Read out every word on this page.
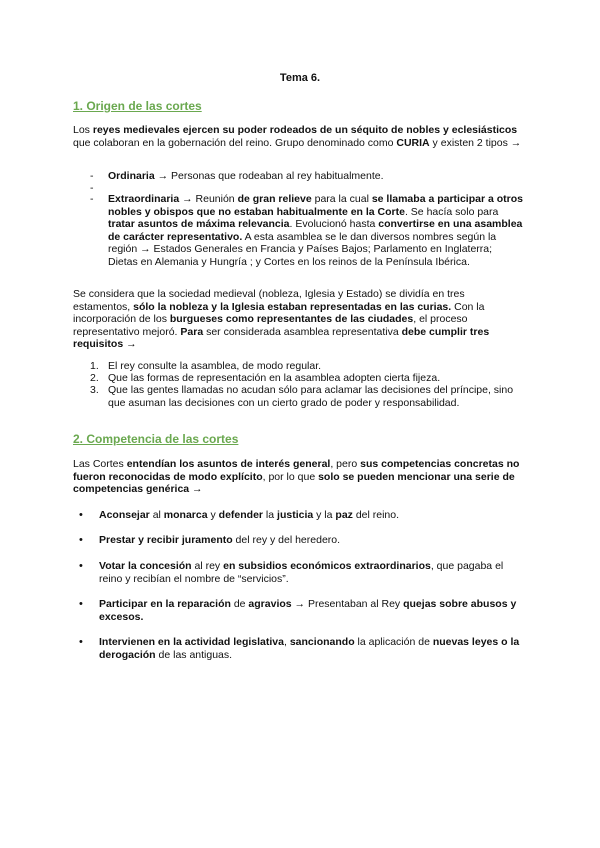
Tema 6.
1. Origen de las cortes
Los reyes medievales ejercen su poder rodeados de un séquito de nobles y eclesiásticos que colaboran en la gobernación del reino. Grupo denominado como CURIA y existen 2 tipos →
- Ordinaria → Personas que rodeaban al rey habitualmente.
-
- Extraordinaria → Reunión de gran relieve para la cual se llamaba a participar a otros nobles y obispos que no estaban habitualmente en la Corte. Se hacía solo para tratar asuntos de máxima relevancia. Evolucionó hasta convertirse en una asamblea de carácter representativo. A esta asamblea se le dan diversos nombres según la región → Estados Generales en Francia y Países Bajos; Parlamento en Inglaterra; Dietas en Alemania y Hungría ; y Cortes en los reinos de la Península Ibérica.
Se considera que la sociedad medieval (nobleza, Iglesia y Estado) se dividía en tres estamentos, sólo la nobleza y la Iglesia estaban representadas en las curias. Con la incorporación de los burgueses como representantes de las ciudades, el proceso representativo mejoró. Para ser considerada asamblea representativa debe cumplir tres requisitos →
1. El rey consulte la asamblea, de modo regular.
2. Que las formas de representación en la asamblea adopten cierta fijeza.
3. Que las gentes llamadas no acudan sólo para aclamar las decisiones del príncipe, sino que asuman las decisiones con un cierto grado de poder y responsabilidad.
2. Competencia de las cortes
Las Cortes entendían los asuntos de interés general, pero sus competencias concretas no fueron reconocidas de modo explícito, por lo que solo se pueden mencionar una serie de competencias genérica →
• Aconsejar al monarca y defender la justicia y la paz del reino.
• Prestar y recibir juramento del rey y del heredero.
• Votar la concesión al rey en subsidios económicos extraordinarios, que pagaba el reino y recibían el nombre de “servicios”.
• Participar en la reparación de agravios → Presentaban al Rey quejas sobre abusos y excesos.
• Intervienen en la actividad legislativa, sancionando la aplicación de nuevas leyes o la derogación de las antiguas.
